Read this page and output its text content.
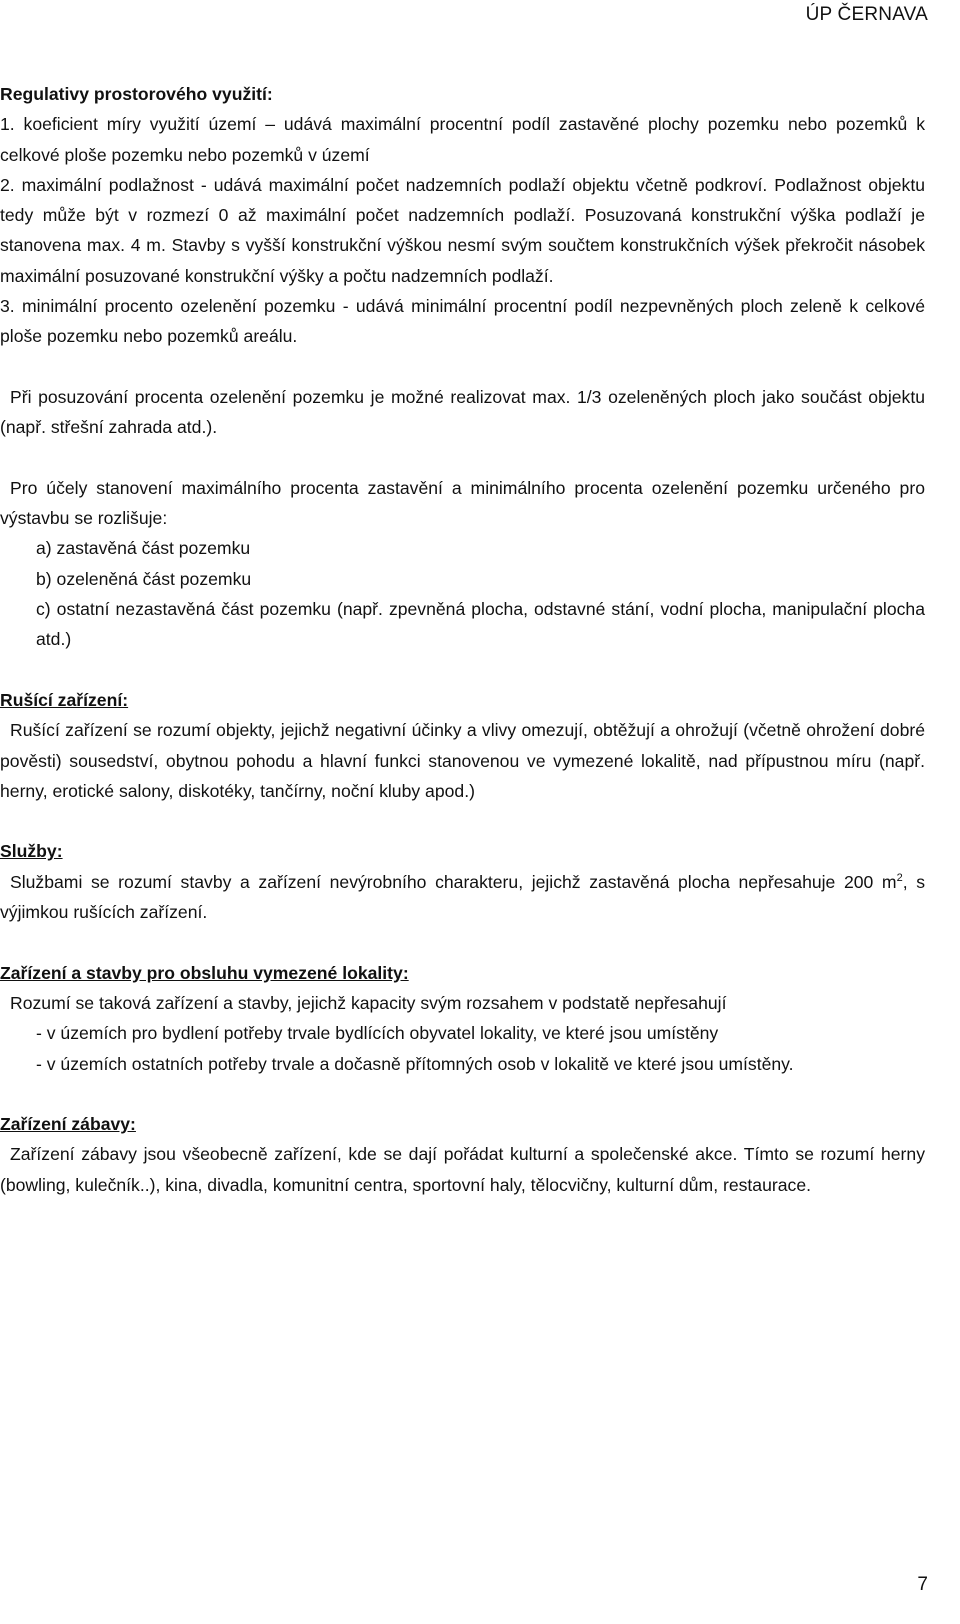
ÚP ČERNAVA

Regulativy prostorového využití:

1. koeficient míry využití území – udává maximální procentní podíl zastavěné plochy pozemku nebo pozemků k celkové ploše pozemku nebo pozemků v území

2. maximální podlažnost - udává maximální počet nadzemních podlaží objektu včetně podkroví. Podlažnost objektu tedy může být v rozmezí 0 až maximální počet nadzemních podlaží. Posuzovaná konstrukční výška podlaží je stanovena max. 4 m. Stavby s vyšší konstrukční výškou nesmí svým součtem konstrukčních výšek překročit násobek maximální posuzované konstrukční výšky a počtu nadzemních podlaží.

3. minimální procento ozelenění pozemku - udává minimální procentní podíl nezpevněných ploch zeleně k celkové ploše pozemku nebo pozemků areálu.

Při posuzování procenta ozelenění pozemku je možné realizovat max. 1/3 ozeleněných ploch jako součást objektu (např. střešní zahrada atd.).

Pro účely stanovení maximálního procenta zastavění a minimálního procenta ozelenění pozemku určeného pro výstavbu se rozlišuje:

a) zastavěná část pozemku

b) ozeleněná část pozemku

c) ostatní nezastavěná část pozemku (např. zpevněná plocha, odstavné stání, vodní plocha, manipulační plocha atd.)

Rušící zařízení:

Rušící zařízení se rozumí objekty, jejichž negativní účinky a vlivy omezují, obtěžují a ohrožují (včetně ohrožení dobré pověsti) sousedství, obytnou pohodu a hlavní funkci stanovenou ve vymezené lokalitě, nad přípustnou míru (např. herny, erotické salony, diskotéky, tančírny, noční kluby apod.)

Služby:

Službami se rozumí stavby a zařízení nevýrobního charakteru, jejichž zastavěná plocha nepřesahuje 200 $m^2$, s výjimkou rušících zařízení.

Zařízení a stavby pro obsluhu vymezené lokality:

Rozumí se taková zařízení a stavby, jejichž kapacity svým rozsahem v podstatě nepřesahují

- v územích pro bydlení potřeby trvale bydlících obyvatel lokality, ve které jsou umístěny

- v územích ostatních potřeby trvale a dočasně přítomných osob v lokalitě ve které jsou umístěny.

Zařízení zábavy:

Zařízení zábavy jsou všeobecně zařízení, kde se dají pořádat kulturní a společenské akce. Tímto se rozumí herny (bowling, kulečník..), kina, divadla, komunitní centra, sportovní haly, tělocvičny, kulturní dům, restaurace.

7
